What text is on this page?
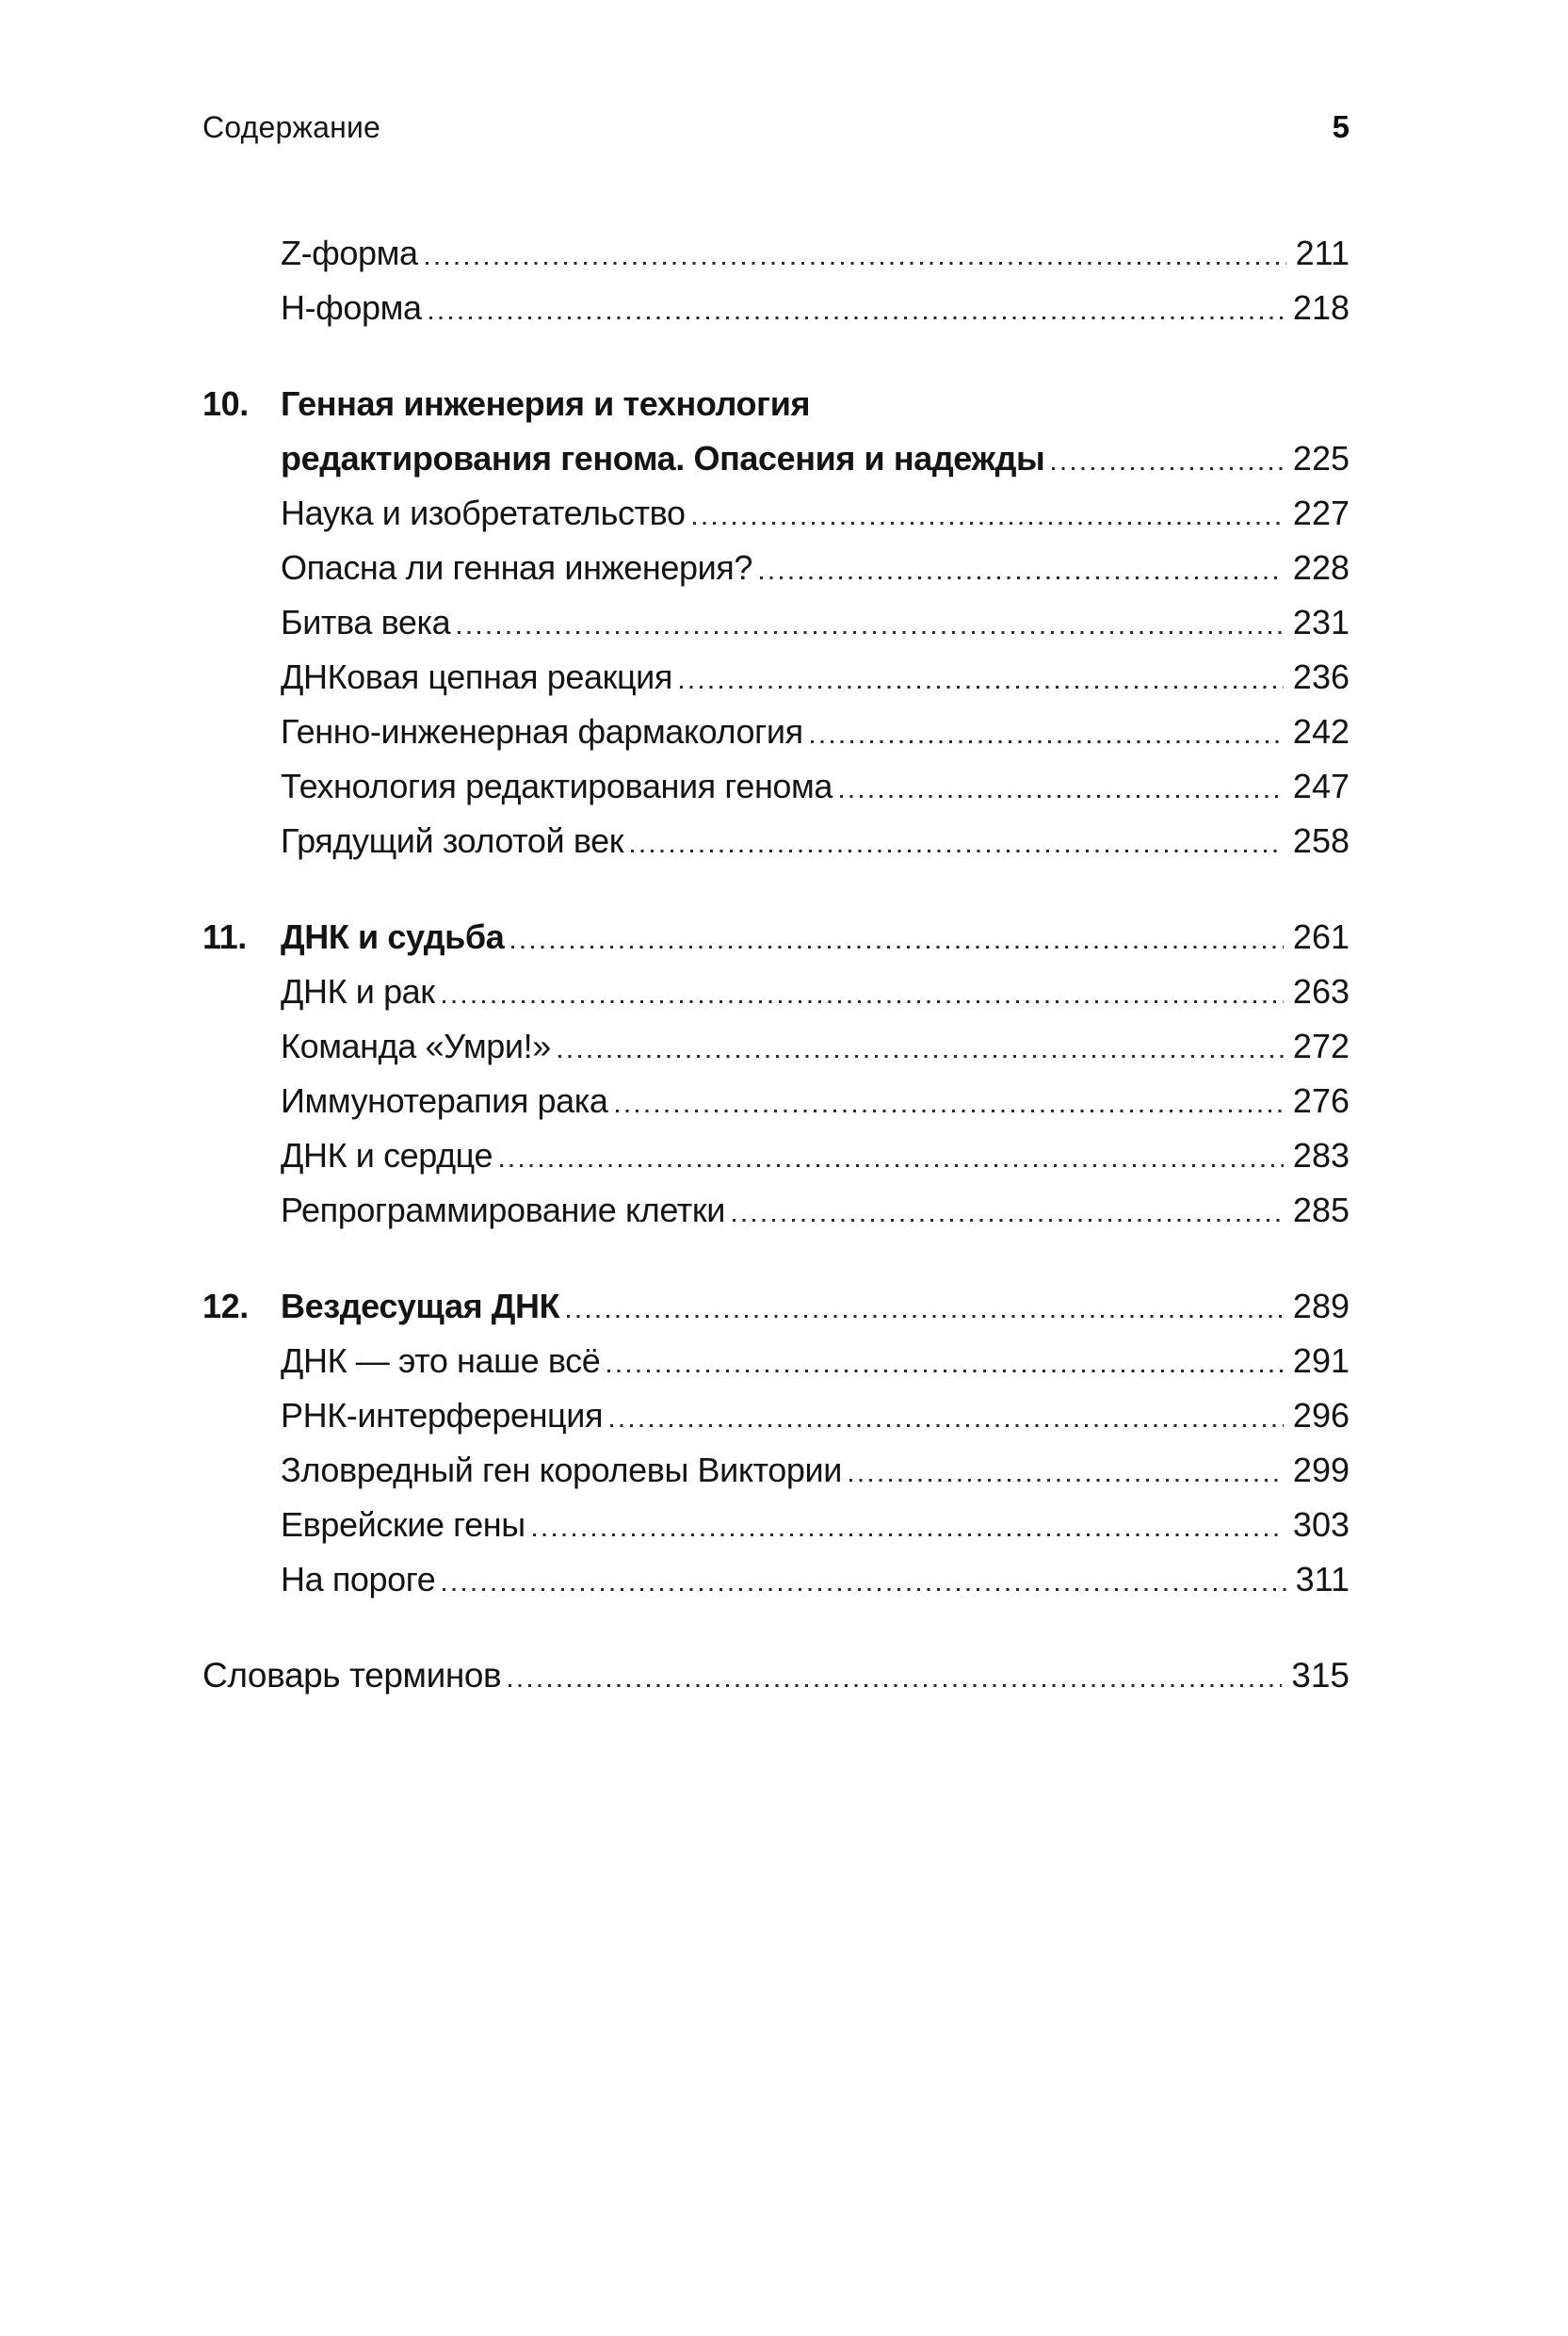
Содержание	5
Z-форма	211
Н-форма	218
10. Генная инженерия и технология
редактирования генома. Опасения и надежды	225
Наука и изобретательство	227
Опасна ли генная инженерия?	228
Битва века	231
ДНКовая цепная реакция	236
Генно-инженерная фармакология	242
Технология редактирования генома	247
Грядущий золотой век	258
11.	ДНК и судьба	261
ДНК и рак	263
Команда «Умри!»	272
Иммунотерапия рака	276
ДНК и сердце	283
Репрограммирование клетки	285
12. Вездесущая ДНК	289
ДНК — это наше всё	291
РНК-интерференция	296
Зловредный ген королевы Виктории	299
Еврейские гены	303
На пороге	311
Словарь терминов	315
